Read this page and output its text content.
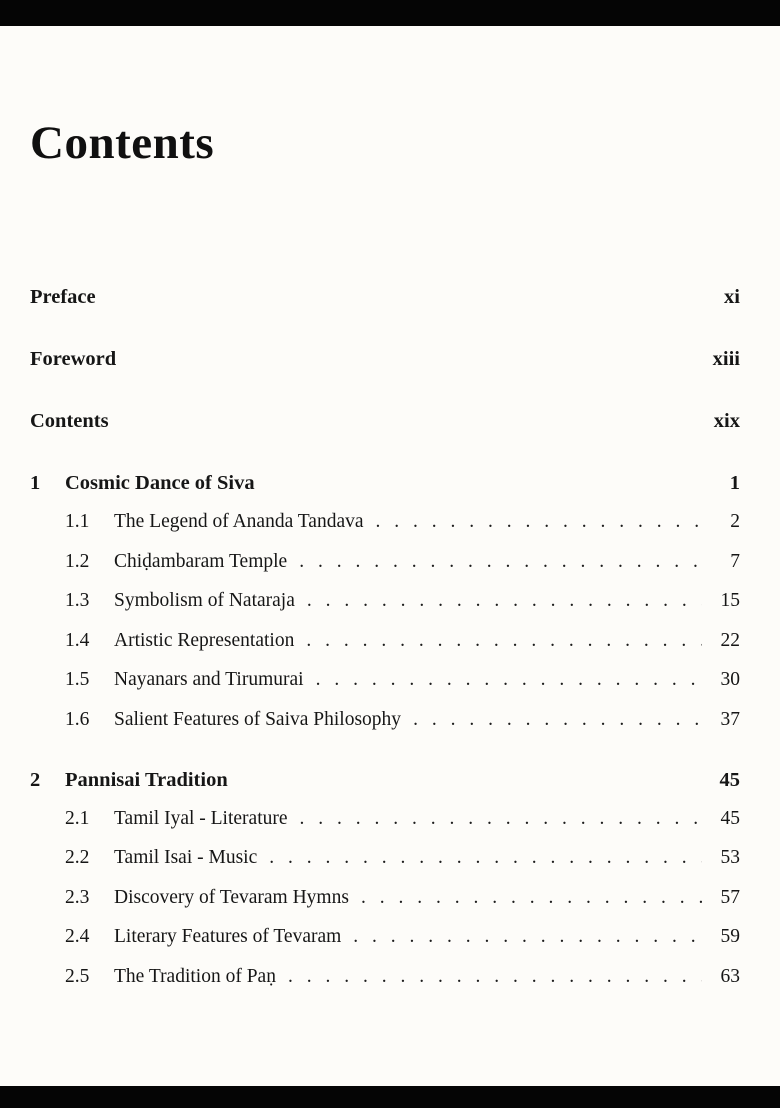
Contents
Preface	xi
Foreword	xiii
Contents	xix
1	Cosmic Dance of Siva	1
1.1	The Legend of Ananda Tandava . . .	2
1.2	Chiḍambaram Temple . . .	7
1.3	Symbolism of Nataraja . . .	15
1.4	Artistic Representation . . .	22
1.5	Nayanars and Tirumurai . . .	30
1.6	Salient Features of Saiva Philosophy . . .	37
2	Pannisai Tradition	45
2.1	Tamil Iyal - Literature . . .	45
2.2	Tamil Isai - Music . . .	53
2.3	Discovery of Tevaram Hymns . . .	57
2.4	Literary Features of Tevaram . . .	59
2.5	The Tradition of Paṇ . . .	63
